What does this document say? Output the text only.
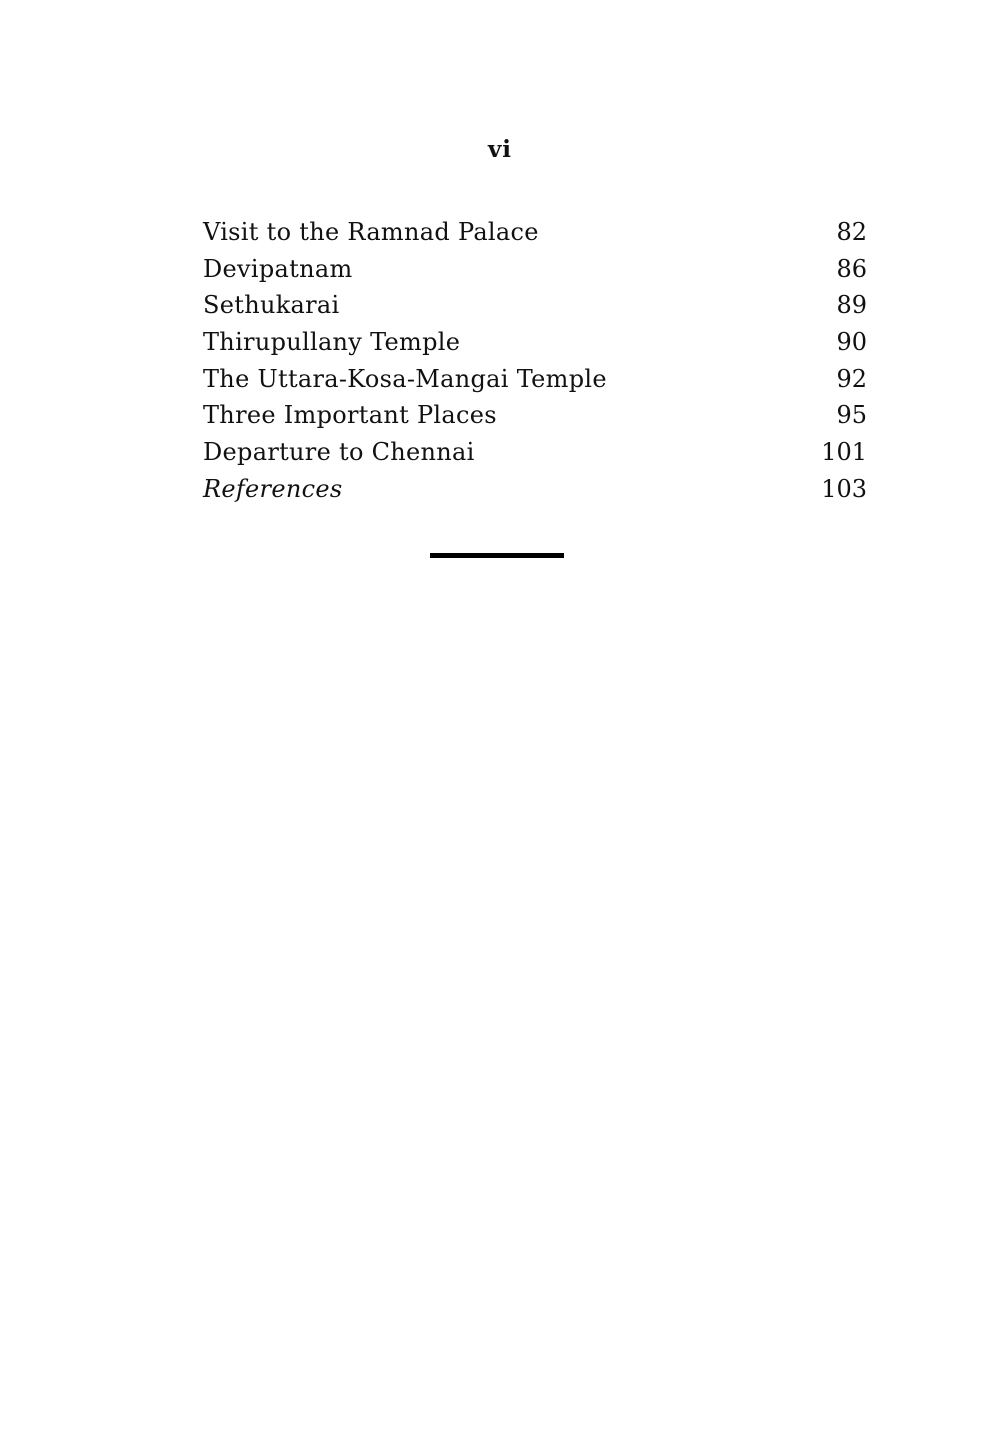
vi
Visit to the Ramnad Palace	82
Devipatnam	86
Sethukarai	89
Thirupullany Temple	90
The Uttara-Kosa-Mangai Temple	92
Three Important Places	95
Departure to Chennai	101
References	103
